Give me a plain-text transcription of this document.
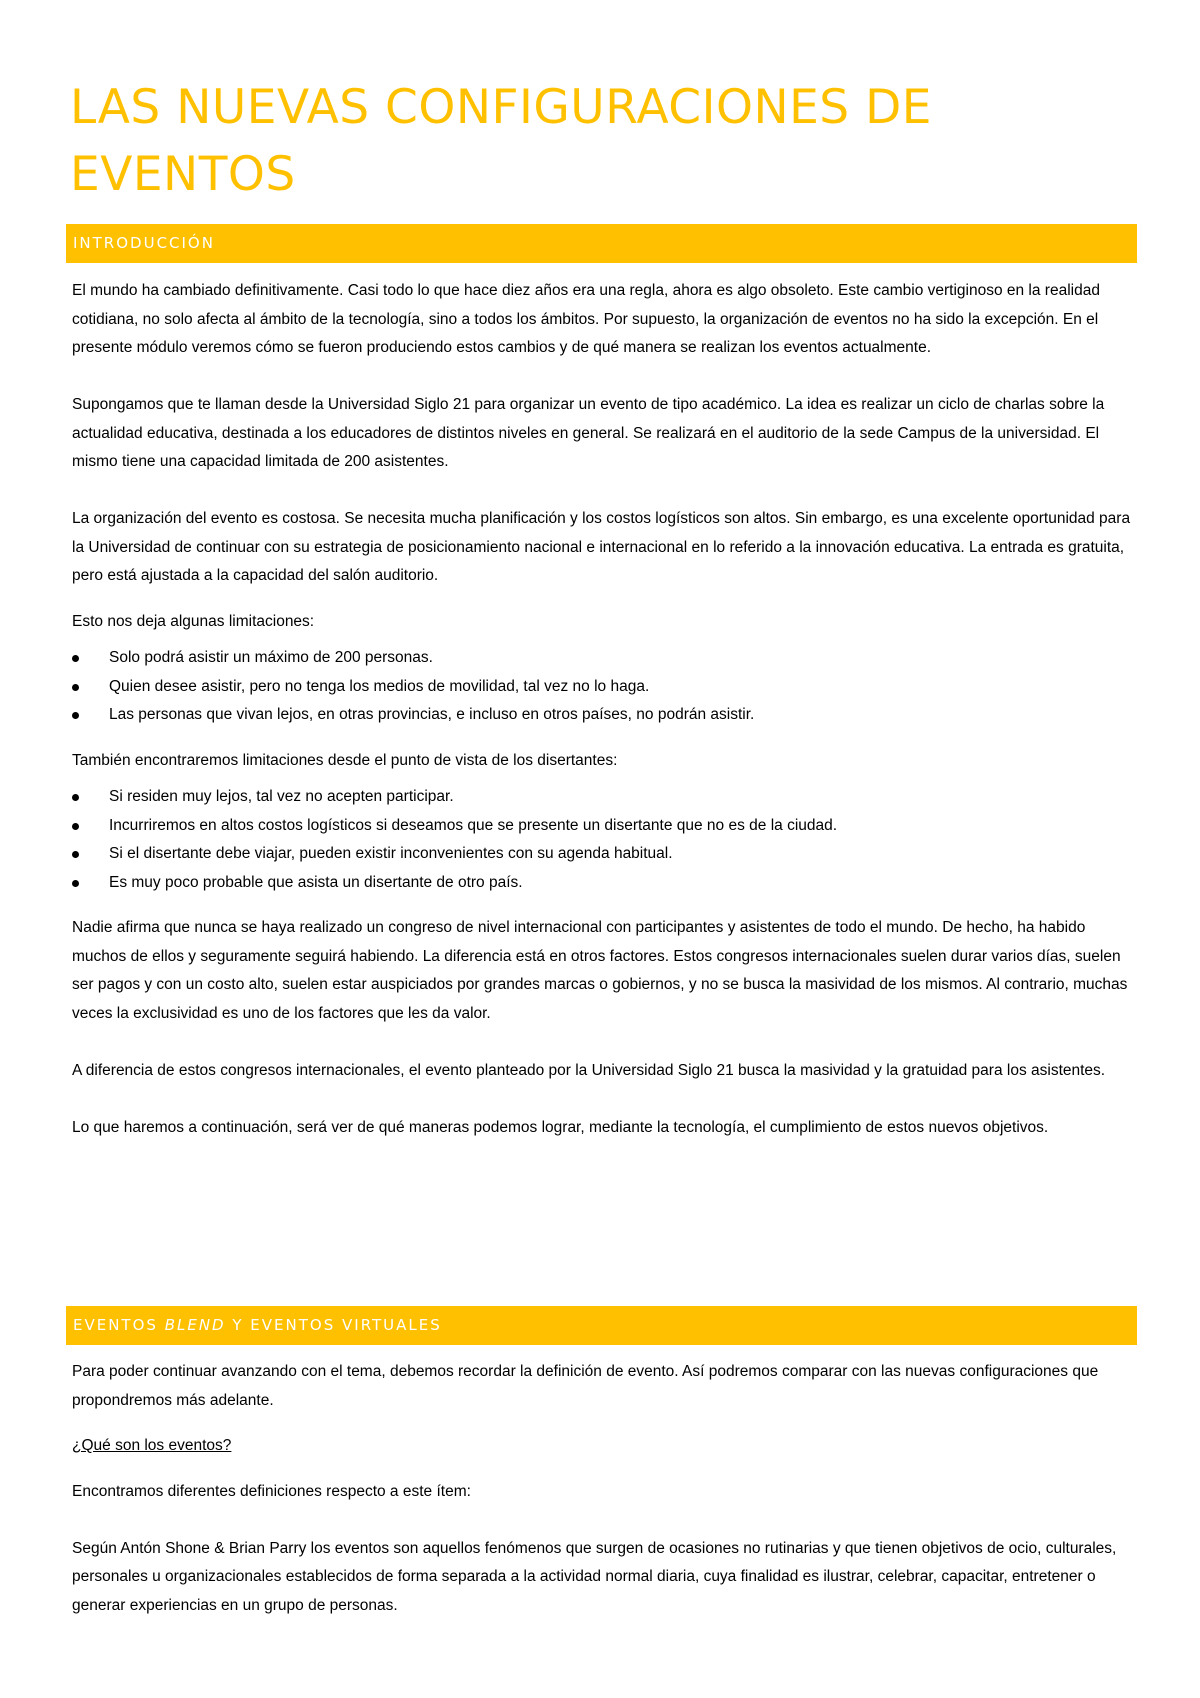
LAS NUEVAS CONFIGURACIONES DE EVENTOS
INTRODUCCIÓN

El mundo ha cambiado definitivamente. Casi todo lo que hace diez años era una regla, ahora es algo obsoleto. Este cambio vertiginoso en la realidad cotidiana, no solo afecta al ámbito de la tecnología, sino a todos los ámbitos. Por supuesto, la organización de eventos no ha sido la excepción. En el presente módulo veremos cómo se fueron produciendo estos cambios y de qué manera se realizan los eventos actualmente.

Supongamos que te llaman desde la Universidad Siglo 21 para organizar un evento de tipo académico. La idea es realizar un ciclo de charlas sobre la actualidad educativa, destinada a los educadores de distintos niveles en general. Se realizará en el auditorio de la sede Campus de la universidad. El mismo tiene una capacidad limitada de 200 asistentes.

La organización del evento es costosa. Se necesita mucha planificación y los costos logísticos son altos. Sin embargo, es una excelente oportunidad para la Universidad de continuar con su estrategia de posicionamiento nacional e internacional en lo referido a la innovación educativa. La entrada es gratuita, pero está ajustada a la capacidad del salón auditorio.

Esto nos deja algunas limitaciones:

Solo podrá asistir un máximo de 200 personas.
Quien desee asistir, pero no tenga los medios de movilidad, tal vez no lo haga.
Las personas que vivan lejos, en otras provincias, e incluso en otros países, no podrán asistir.

También encontraremos limitaciones desde el punto de vista de los disertantes:

Si residen muy lejos, tal vez no acepten participar.
Incurriremos en altos costos logísticos si deseamos que se presente un disertante que no es de la ciudad.
Si el disertante debe viajar, pueden existir inconvenientes con su agenda habitual.
Es muy poco probable que asista un disertante de otro país.

Nadie afirma que nunca se haya realizado un congreso de nivel internacional con participantes y asistentes de todo el mundo. De hecho, ha habido muchos de ellos y seguramente seguirá habiendo. La diferencia está en otros factores. Estos congresos internacionales suelen durar varios días, suelen ser pagos y con un costo alto, suelen estar auspiciados por grandes marcas o gobiernos, y no se busca la masividad de los mismos. Al contrario, muchas veces la exclusividad es uno de los factores que les da valor.

A diferencia de estos congresos internacionales, el evento planteado por la Universidad Siglo 21 busca la masividad y la gratuidad para los asistentes.

Lo que haremos a continuación, será ver de qué maneras podemos lograr, mediante la tecnología, el cumplimiento de estos nuevos objetivos.

EVENTOS BLEND Y EVENTOS VIRTUALES

Para poder continuar avanzando con el tema, debemos recordar la definición de evento. Así podremos comparar con las nuevas configuraciones que propondremos más adelante.

¿Qué son los eventos?

Encontramos diferentes definiciones respecto a este ítem:

Según Antón Shone & Brian Parry los eventos son aquellos fenómenos que surgen de ocasiones no rutinarias y que tienen objetivos de ocio, culturales, personales u organizacionales establecidos de forma separada a la actividad normal diaria, cuya finalidad es ilustrar, celebrar, capacitar, entretener o generar experiencias en un grupo de personas.
